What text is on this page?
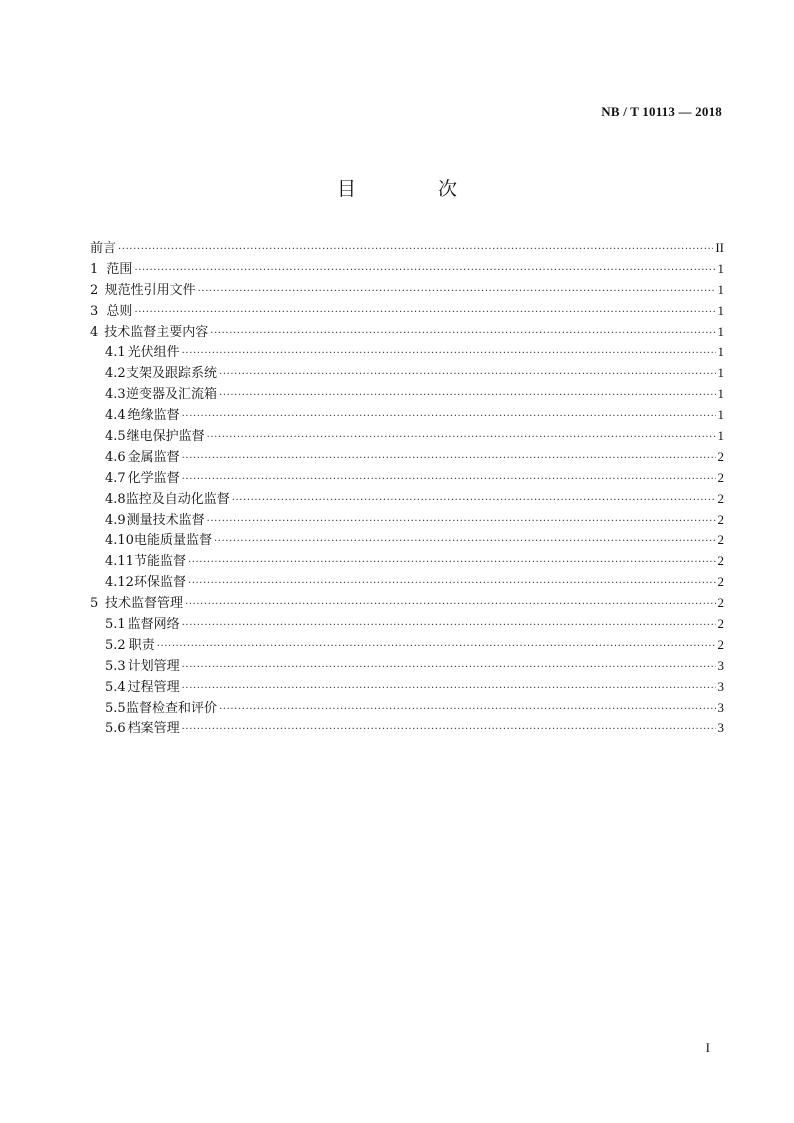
NB / T 10113 — 2018
目 次
前言 ·····	II
1 范围 ·····	1
2 规范性引用文件 ·····	1
3 总则 ·····	1
4 技术监督主要内容 ·····	1
4.1 光伏组件 ·····	1
4.2 支架及跟踪系统 ·····	1
4.3 逆变器及汇流箱 ·····	1
4.4 绝缘监督 ·····	1
4.5 继电保护监督 ·····	1
4.6 金属监督 ·····	2
4.7 化学监督 ·····	2
4.8 监控及自动化监督 ·····	2
4.9 测量技术监督 ·····	2
4.10 电能质量监督 ·····	2
4.11 节能监督 ·····	2
4.12 环保监督 ·····	2
5 技术监督管理 ·····	2
5.1 监督网络 ·····	2
5.2 职责 ·····	2
5.3 计划管理 ·····	3
5.4 过程管理 ·····	3
5.5 监督检查和评价 ·····	3
5.6 档案管理 ·····	3
I
